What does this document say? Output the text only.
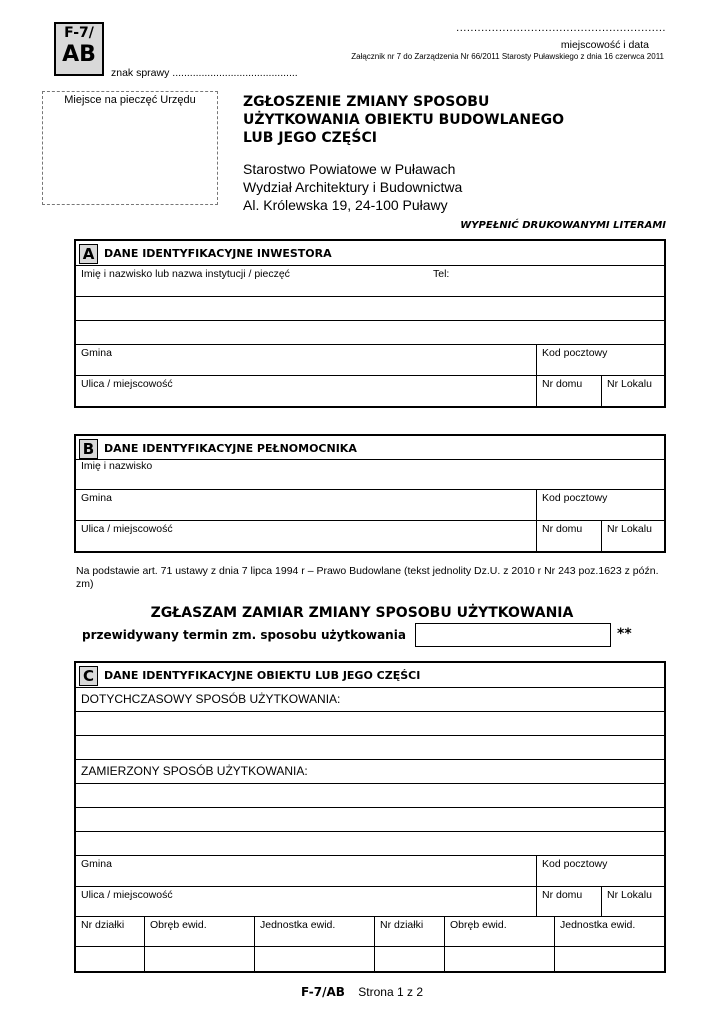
F-7/
AB
...........................................................
miejscowość i data
Załącznik nr 7 do Zarządzenia Nr 66/2011 Starosty Puławskiego z dnia 16 czerwca 2011
znak sprawy ...........................................
Miejsce na pieczęć Urzędu	ZGŁOSZENIE ZMIANY SPOSOBU
UŻYTKOWANIA OBIEKTU BUDOWLANEGO
LUB JEGO CZĘŚCI
Starostwo Powiatowe w Puławach
Wydział Architektury i Budownictwa
Al. Królewska 19, 24-100 Puławy
WYPEŁNIĆ DRUKOWANYMI LITERAMI
A DANE IDENTYFIKACYJNE INWESTORA
Imię i nazwisko lub nazwa instytucji / pieczęć	Tel:
Gmina	Kod pocztowy
Ulica / miejscowość	Nr domu	Nr Lokalu
B DANE IDENTYFIKACYJNE PEŁNOMOCNIKA
Imię i nazwisko
Gmina	Kod pocztowy
Ulica / miejscowość	Nr domu	Nr Lokalu
Na podstawie art. 71 ustawy z dnia 7 lipca 1994 r – Prawo Budowlane (tekst jednolity Dz.U. z 2010 r Nr 243 poz.1623 z późn. zm)
ZGŁASZAM ZAMIAR ZMIANY SPOSOBU UŻYTKOWANIA
przewidywany termin zm. sposobu użytkowania	**
C DANE IDENTYFIKACYJNE OBIEKTU LUB JEGO CZĘŚCI
DOTYCHCZASOWY SPOSÓB UŻYTKOWANIA:
ZAMIERZONY SPOSÓB UŻYTKOWANIA:
Gmina	Kod pocztowy
Ulica / miejscowość	Nr domu	Nr Lokalu
Nr działki	Obręb ewid.	Jednostka ewid.	Nr działki	Obręb ewid.	Jednostka ewid.
F-7/AB Strona 1 z 2
